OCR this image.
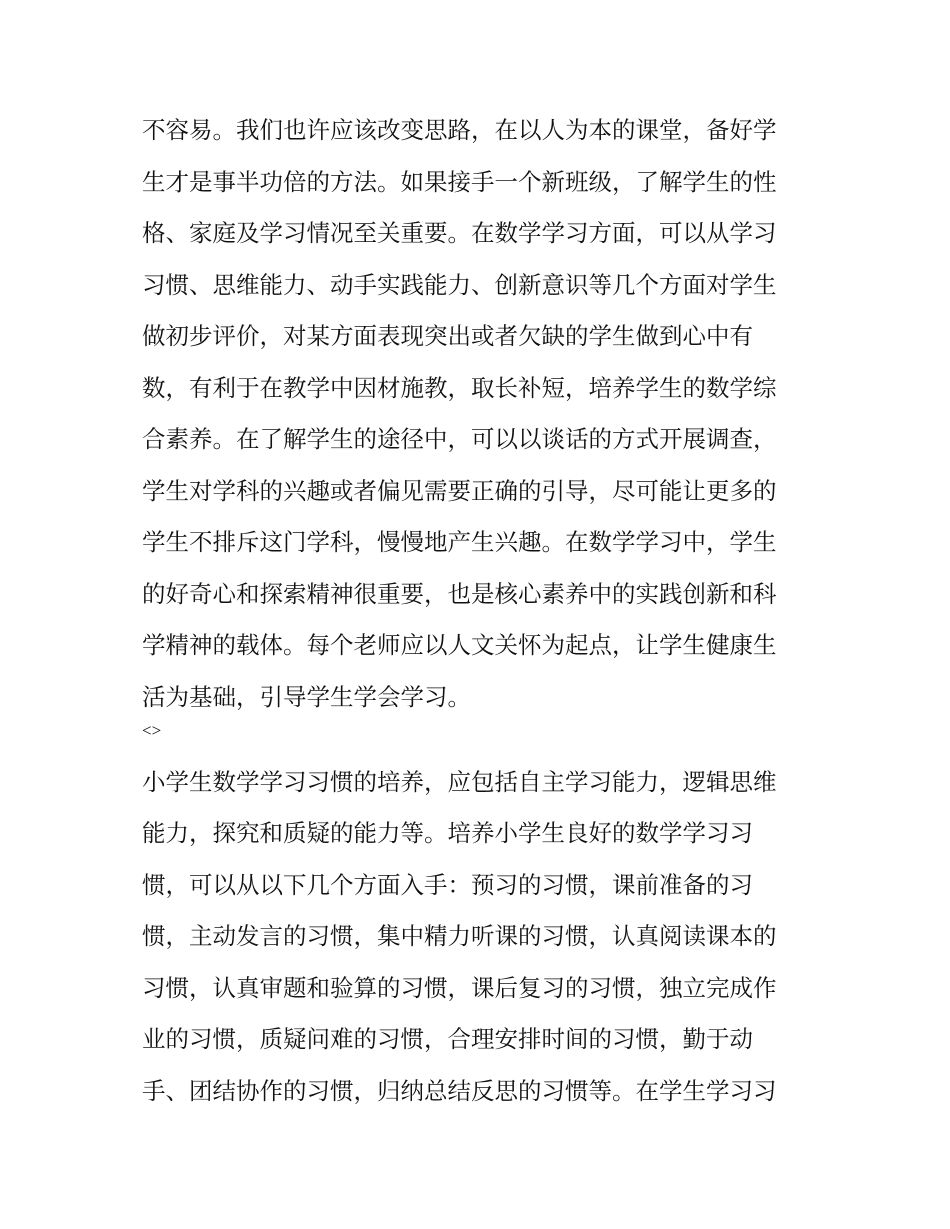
不容易。我们也许应该改变思路，在以人为本的课堂，备好学

生才是事半功倍的方法。如果接手一个新班级，了解学生的性

格、家庭及学习情况至关重要。在数学学习方面，可以从学习

习惯、思维能力、动手实践能力、创新意识等几个方面对学生

做初步评价，对某方面表现突出或者欠缺的学生做到心中有

数，有利于在教学中因材施教，取长补短，培养学生的数学综

合素养。在了解学生的途径中，可以以谈话的方式开展调查，

学生对学科的兴趣或者偏见需要正确的引导，尽可能让更多的

学生不排斥这门学科，慢慢地产生兴趣。在数学学习中，学生

的好奇心和探索精神很重要，也是核心素养中的实践创新和科

学精神的载体。每个老师应以人文关怀为起点，让学生健康生

活为基础，引导学生学会学习。

<>

小学生数学学习习惯的培养，应包括自主学习能力，逻辑思维

能力，探究和质疑的能力等。培养小学生良好的数学学习习

惯，可以从以下几个方面入手：预习的习惯，课前准备的习

惯，主动发言的习惯，集中精力听课的习惯，认真阅读课本的

习惯，认真审题和验算的习惯，课后复习的习惯，独立完成作

业的习惯，质疑问难的习惯，合理安排时间的习惯，勤于动

手、团结协作的习惯，归纳总结反思的习惯等。在学生学习习
